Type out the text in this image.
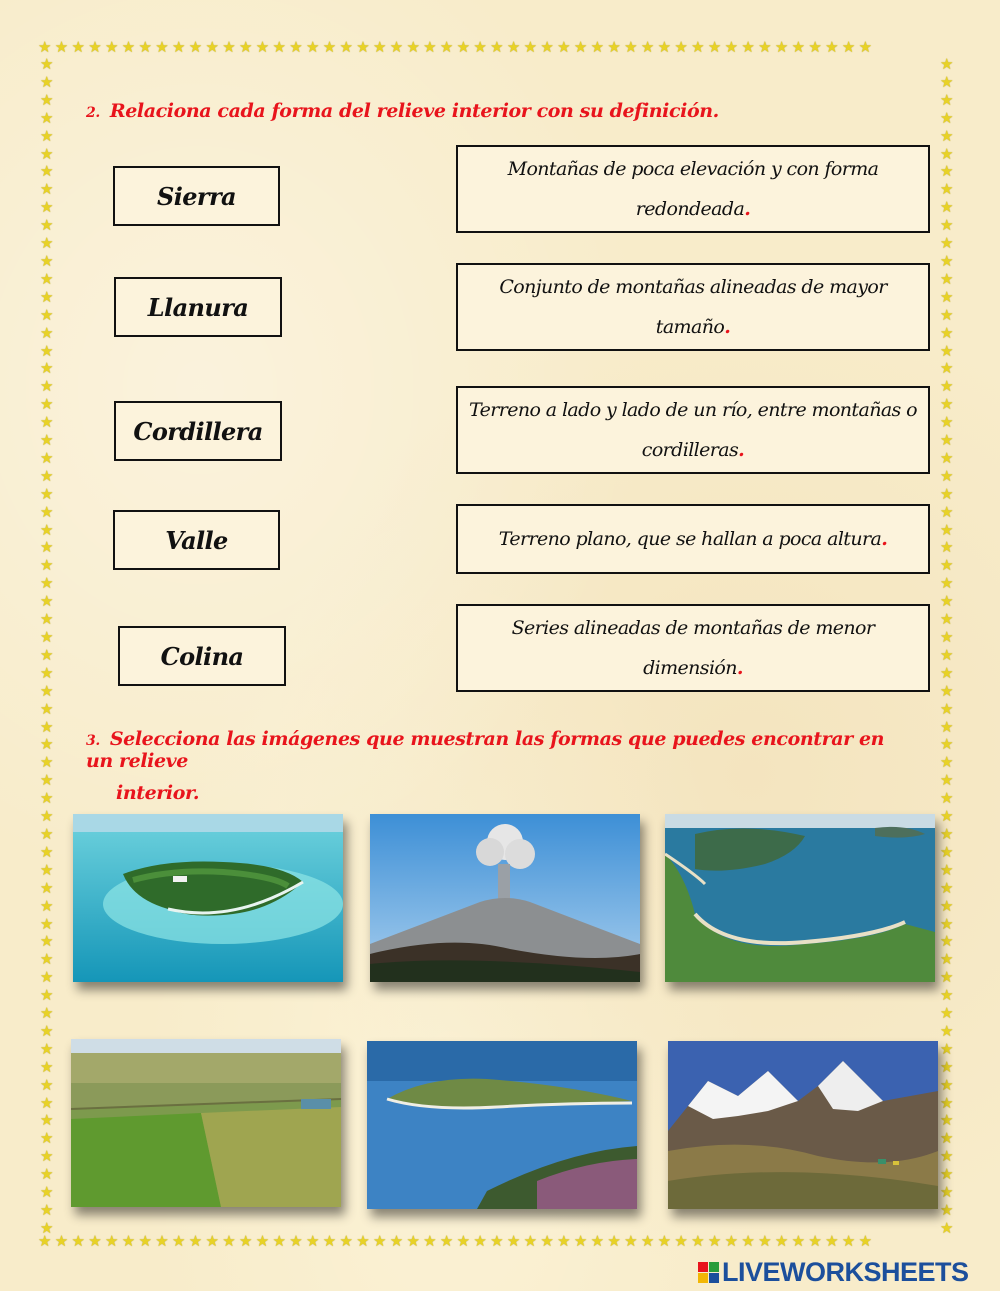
★★★★★★★★★★★★★★★★★★★★★★★★★★★★★★★★★★★★★★★★★★★★★★★★★★
★★★★★★★★★★★★★★★★★★★★★★★★★★★★★★★★★★★★★★★★★★★★★★★★★★
★★★★★★★★★★★★★★★★★★★★★★★★★★★★★★★★★★★★★★★★★★★★★★★★★★★★★★★★★★★★★★★★★★
★★★★★★★★★★★★★★★★★★★★★★★★★★★★★★★★★★★★★★★★★★★★★★★★★★★★★★★★★★★★★★★★★★
2. Relaciona cada forma del relieve interior con su definición.
Sierra
Llanura
Cordillera
Valle
Colina
Montañas de poca elevación y con forma redondeada.
Conjunto de montañas alineadas de mayor tamaño.
Terreno a lado y lado de un río, entre montañas o cordilleras.
Terreno plano, que se hallan a poca altura.
Series alineadas de montañas de menor dimensión.
3. Selecciona las imágenes que muestran las formas que puedes encontrar en un relieve
interior.
LIVEWORKSHEETS
